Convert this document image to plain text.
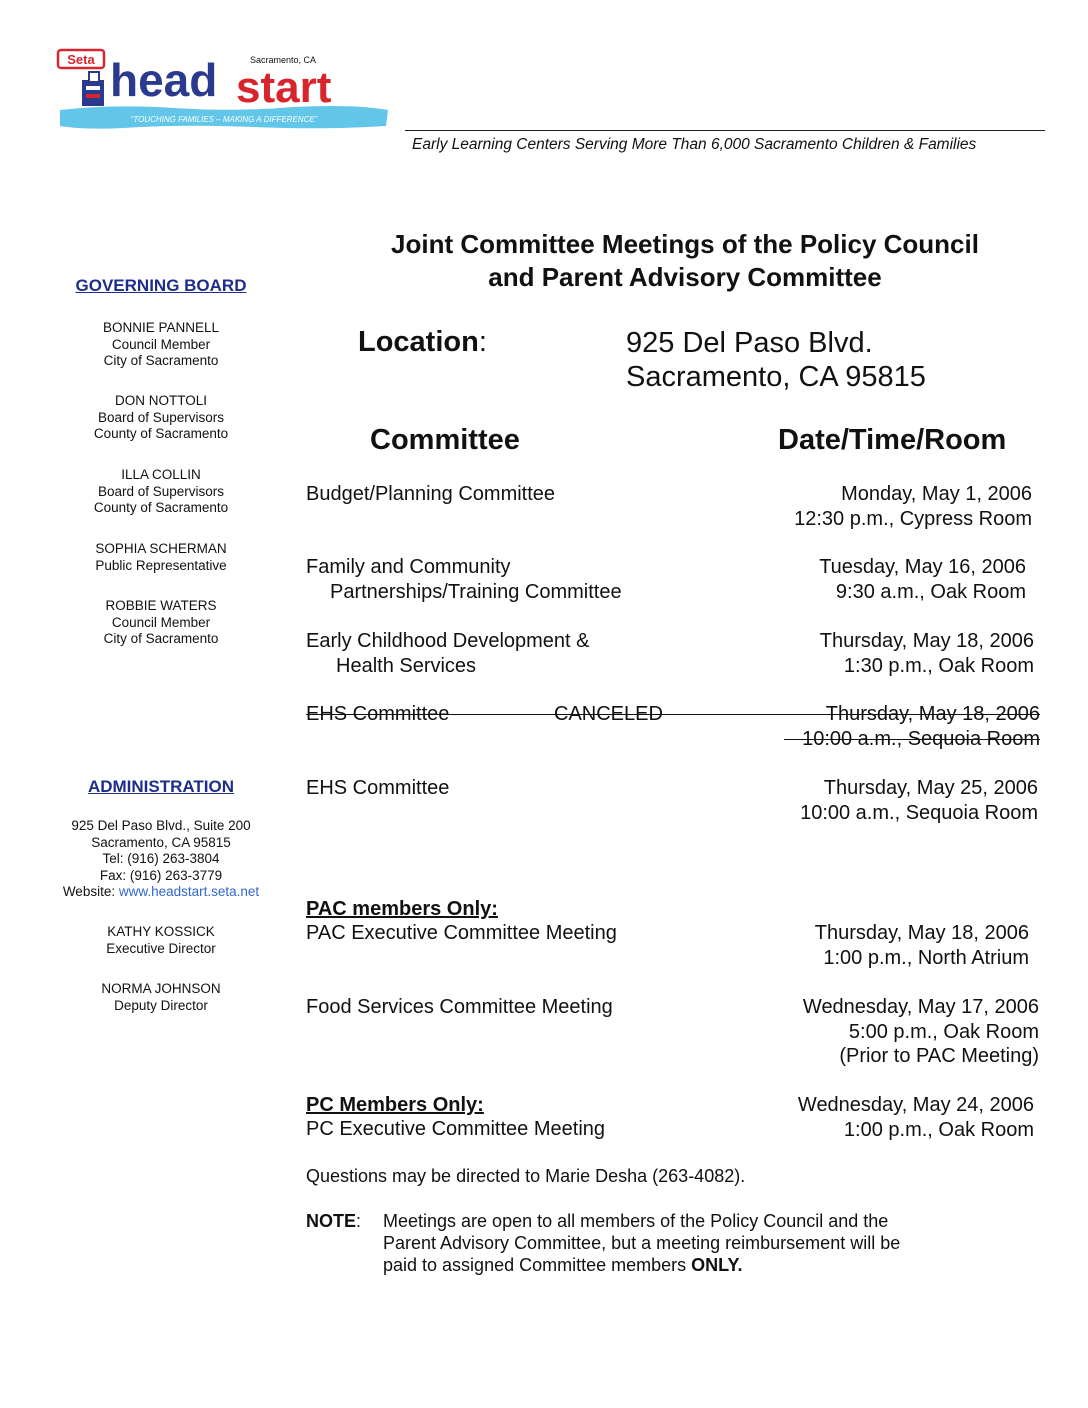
“TOUCHING FAMILIES – MAKING A DIFFERENCE”
Seta head start
Sacramento, CA
Early Learning Centers Serving More Than 6,000 Sacramento Children & Families
GOVERNING BOARD
BONNIE PANNELL
Council Member
City of Sacramento
DON NOTTOLI
Board of Supervisors
County of Sacramento
ILLA COLLIN
Board of Supervisors
County of Sacramento
SOPHIA SCHERMAN
Public Representative
ROBBIE WATERS
Council Member
City of Sacramento
ADMINISTRATION
925 Del Paso Blvd., Suite 200
Sacramento, CA 95815
Tel: (916) 263-3804
Fax: (916) 263-3779
Website: www.headstart.seta.net
KATHY KOSSICK
Executive Director
NORMA JOHNSON
Deputy Director
Joint Committee Meetings of the Policy Council
and Parent Advisory Committee
Location:	925 Del Paso Blvd.
Sacramento, CA 95815
Committee	Date/Time/Room
Budget/Planning Committee	Monday, May 1, 2006
12:30 p.m., Cypress Room
Family and Community
Partnerships/Training Committee
Tuesday, May 16, 2006
9:30 a.m., Oak Room
Early Childhood Development &
Health Services
Thursday, May 18, 2006
1:30 p.m., Oak Room
EHS Committee	CANCELED	Thursday, May 18, 2006
10:00 a.m., Sequoia Room
EHS Committee	Thursday, May 25, 2006
10:00 a.m., Sequoia Room
PAC members Only:
PAC Executive Committee Meeting	Thursday, May 18, 2006
1:00 p.m., North Atrium
Food Services Committee Meeting	Wednesday, May 17, 2006
5:00 p.m., Oak Room
(Prior to PAC Meeting)
PC Members Only:
PC Executive Committee Meeting
Wednesday, May 24, 2006
1:00 p.m., Oak Room
Questions may be directed to Marie Desha (263-4082).
NOTE: Meetings are open to all members of the Policy Council and the
Parent Advisory Committee, but a meeting reimbursement will be
paid to assigned Committee members ONLY.
